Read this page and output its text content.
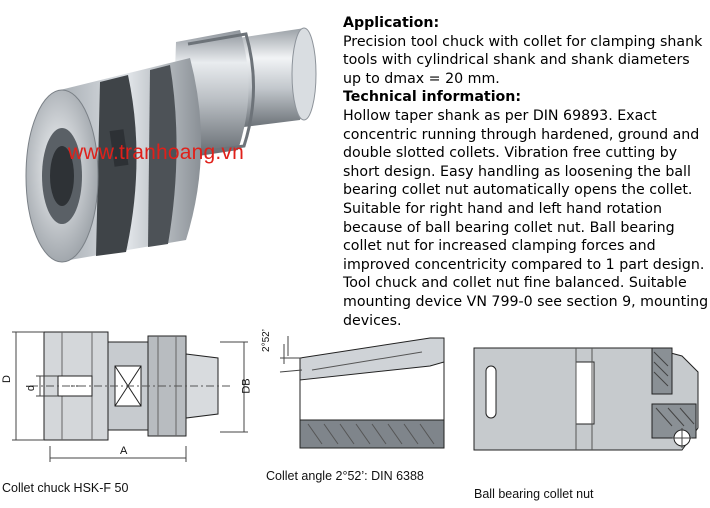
www.tranhoang.vn

Application:

Precision tool chuck with collet for clamping shank tools with cylindrical shank and shank diameters up to dmax = 20 mm.

Technical information:

Hollow taper shank as per DIN 69893. Exact concentric running through hardened, ground and double slotted collets. Vibration free cutting by short design. Easy handling as loosening the ball bearing collet nut automatically opens the collet. Suitable for right hand and left hand rotation because of ball bearing collet nut. Ball bearing collet nut for increased clamping forces and improved concentricity compared to 1 part design. Tool chuck and collet nut fine balanced. Suitable mounting device VN 799-0 see section 9, mounting devices.

D
d
A
DB
Collet chuck HSK-F 50
2°52’
Collet angle 2°52’: DIN 6388
Ball bearing collet nut
